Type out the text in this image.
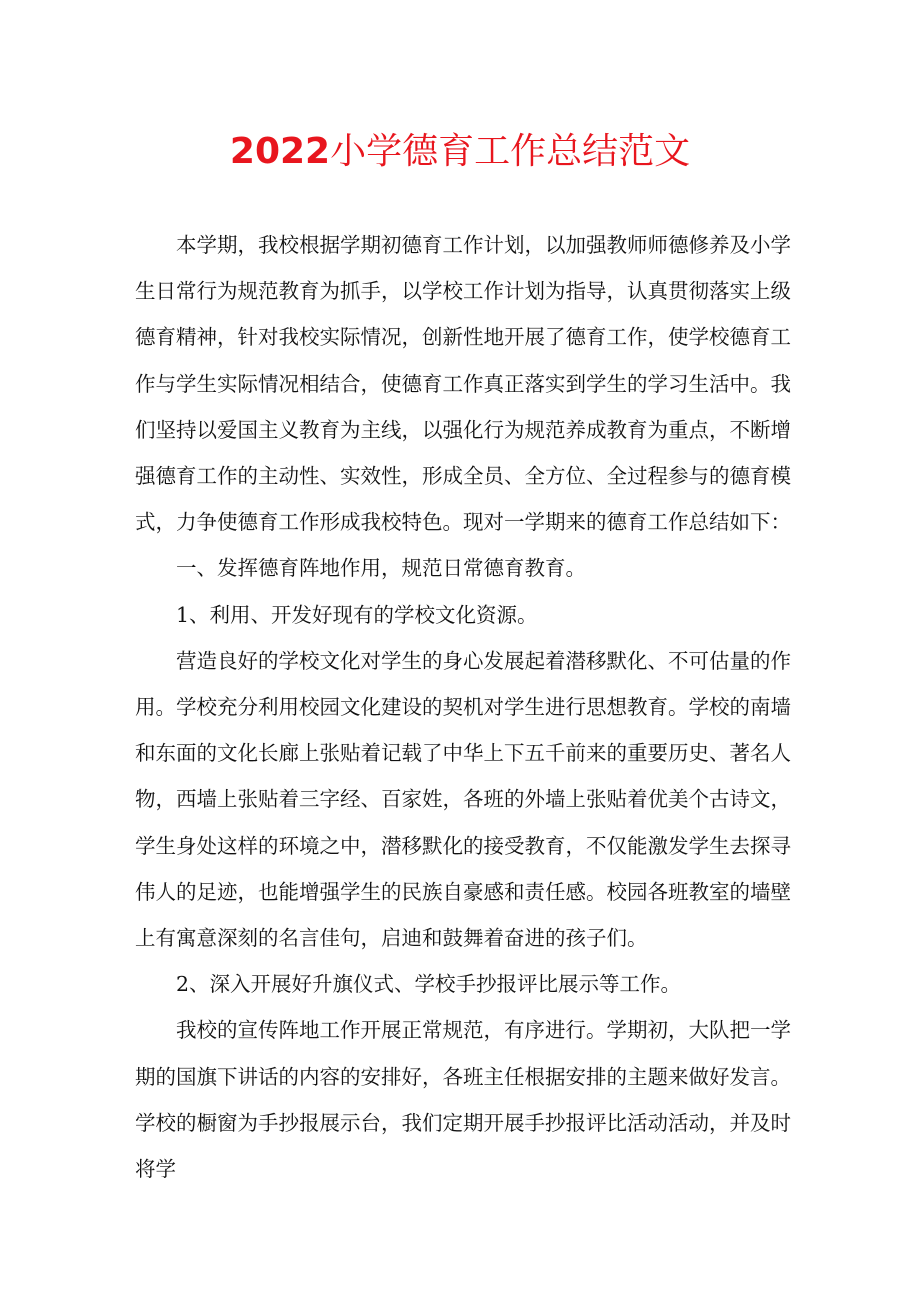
2022小学德育工作总结范文

本学期，我校根据学期初德育工作计划，以加强教师师德修养及小学生日常行为规范教育为抓手，以学校工作计划为指导，认真贯彻落实上级德育精神，针对我校实际情况，创新性地开展了德育工作，使学校德育工作与学生实际情况相结合，使德育工作真正落实到学生的学习生活中。我们坚持以爱国主义教育为主线，以强化行为规范养成教育为重点，不断增强德育工作的主动性、实效性，形成全员、全方位、全过程参与的德育模式，力争使德育工作形成我校特色。现对一学期来的德育工作总结如下：

一、发挥德育阵地作用，规范日常德育教育。

1、利用、开发好现有的学校文化资源。

营造良好的学校文化对学生的身心发展起着潜移默化、不可估量的作用。学校充分利用校园文化建设的契机对学生进行思想教育。学校的南墙和东面的文化长廊上张贴着记载了中华上下五千前来的重要历史、著名人物，西墙上张贴着三字经、百家姓，各班的外墙上张贴着优美个古诗文，学生身处这样的环境之中，潜移默化的接受教育，不仅能激发学生去探寻伟人的足迹，也能增强学生的民族自豪感和责任感。校园各班教室的墙壁上有寓意深刻的名言佳句，启迪和鼓舞着奋进的孩子们。

2、深入开展好升旗仪式、学校手抄报评比展示等工作。

我校的宣传阵地工作开展正常规范，有序进行。学期初，大队把一学期的国旗下讲话的内容的安排好，各班主任根据安排的主题来做好发言。学校的橱窗为手抄报展示台，我们定期开展手抄报评比活动活动，并及时将学
